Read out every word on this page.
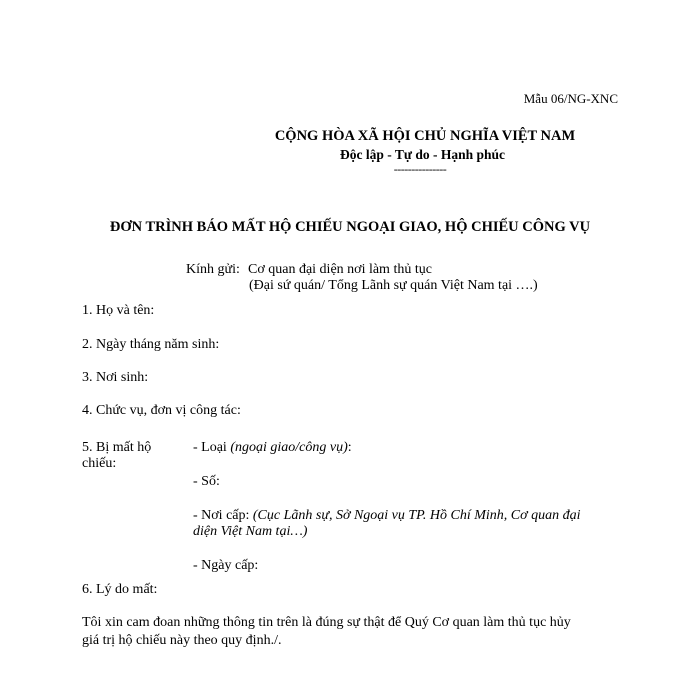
Mẫu 06/NG-XNC
CỘNG HÒA XÃ HỘI CHỦ NGHĨA VIỆT NAM
Độc lập - Tự do - Hạnh phúc
---------------
ĐƠN TRÌNH BÁO MẤT HỘ CHIẾU NGOẠI GIAO, HỘ CHIẾU CÔNG VỤ
Kính gửi: Cơ quan đại diện nơi làm thủ tục
(Đại sứ quán/ Tổng Lãnh sự quán Việt Nam tại ….)
1. Họ và tên:
2. Ngày tháng năm sinh:
3. Nơi sinh:
4. Chức vụ, đơn vị công tác:
5. Bị mất hộ
chiếu:
- Loại (ngoại giao/công vụ):
- Số:
- Nơi cấp: (Cục Lãnh sự, Sở Ngoại vụ TP. Hồ Chí Minh, Cơ quan đại
diện Việt Nam tại…)
- Ngày cấp:
6. Lý do mất:
Tôi xin cam đoan những thông tin trên là đúng sự thật để Quý Cơ quan làm thủ tục hủy
giá trị hộ chiếu này theo quy định./.
